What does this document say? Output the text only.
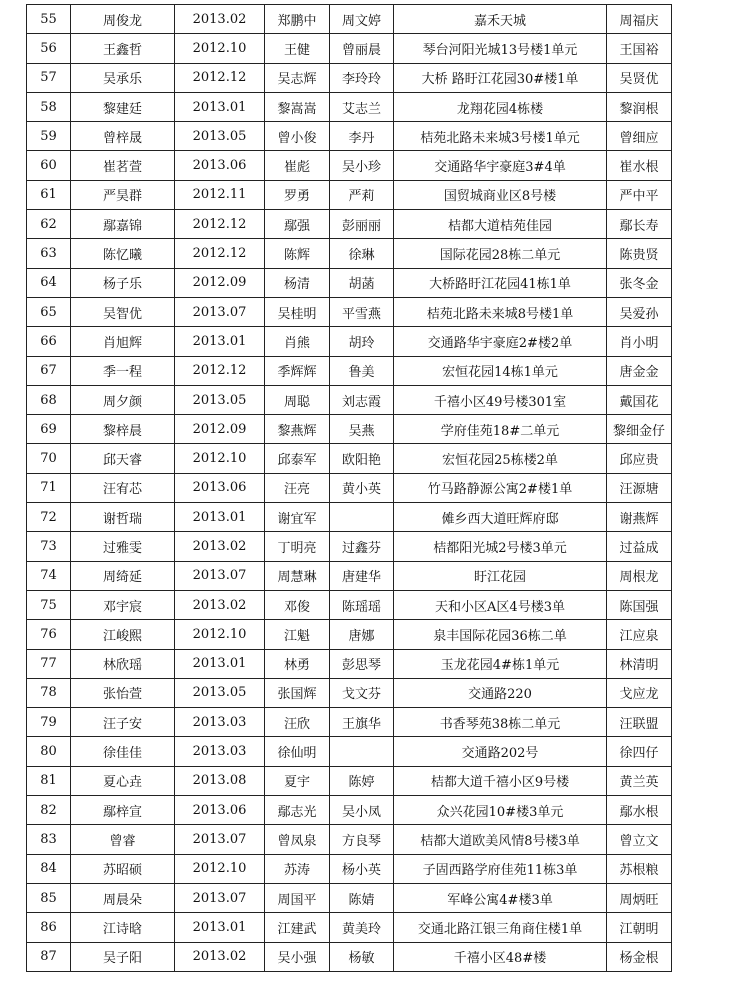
55	周俊龙	2013.02	郑鹏中	周文婷	嘉禾天城	周福庆
56	王鑫哲	2012.10	王健	曾丽晨	琴台河阳光城13号楼1单元	王国裕
57	吴承乐	2012.12	吴志辉	李玲玲	大桥 路盱江花园30#楼1单	吴贤优
58	黎建廷	2013.01	黎嵩嵩	艾志兰	龙翔花园4栋楼	黎润根
59	曾梓晟	2013.05	曾小俊	李丹	桔苑北路未来城3号楼1单元	曾细应
60	崔茗萱	2013.06	崔彪	吴小珍	交通路华宇豪庭3#4单	崔水根
61	严昊群	2012.11	罗勇	严莉	国贸城商业区8号楼	严中平
62	鄢嘉锦	2012.12	鄢强	彭丽丽	桔都大道桔苑佳园	鄢长寿
63	陈忆曦	2012.12	陈辉	徐琳	国际花园28栋二单元	陈贵贤
64	杨子乐	2012.09	杨清	胡菡	大桥路盱江花园41栋1单	张冬金
65	吴智优	2013.07	吴桂明	平雪燕	桔苑北路未来城8号楼1单	吴爱孙
66	肖旭辉	2013.01	肖熊	胡玲	交通路华宇豪庭2#楼2单	肖小明
67	季一程	2012.12	季辉辉	鲁美	宏恒花园14栋1单元	唐金金
68	周夕颜	2013.05	周聪	刘志霞	千禧小区49号楼301室	戴国花
69	黎梓晨	2012.09	黎燕辉	吴燕	学府佳苑18#二单元	黎细金仔
70	邱天睿	2012.10	邱泰军	欧阳艳	宏恒花园25栋楼2单	邱应贵
71	汪宥芯	2013.06	汪亮	黄小英	竹马路静源公寓2#楼1单	汪源塘
72	谢哲瑞	2013.01	谢宜军		傩乡西大道旺辉府邸	谢燕辉
73	过雅雯	2013.02	丁明亮	过鑫芬	桔都阳光城2号楼3单元	过益成
74	周绮延	2013.07	周慧琳	唐建华	盱江花园	周根龙
75	邓宇宸	2013.02	邓俊	陈瑶瑶	天和小区A区4号楼3单	陈国强
76	江峻熙	2012.10	江魁	唐娜	泉丰国际花园36栋二单	江应泉
77	林欣瑶	2013.01	林勇	彭思琴	玉龙花园4#栋1单元	林清明
78	张怡萱	2013.05	张国辉	戈文芬	交通路220	戈应龙
79	汪子安	2013.03	汪欣	王旗华	书香琴苑38栋二单元	汪联盟
80	徐佳佳	2013.03	徐仙明		交通路202号	徐四仔
81	夏心垚	2013.08	夏宇	陈婷	桔都大道千禧小区9号楼	黄兰英
82	鄢梓宣	2013.06	鄢志光	吴小凤	众兴花园10#楼3单元	鄢水根
83	曾睿	2013.07	曾凤泉	方良琴	桔都大道欧美风情8号楼3单	曾立文
84	苏昭硕	2012.10	苏涛	杨小英	子固西路学府佳苑11栋3单	苏根粮
85	周晨朵	2013.07	周国平	陈婧	军峰公寓4#楼3单	周炳旺
86	江诗晗	2013.01	江建武	黄美玲	交通北路江银三角商住楼1单	江朝明
87	吴子阳	2013.02	吴小强	杨敏	千禧小区48#楼	杨金根
